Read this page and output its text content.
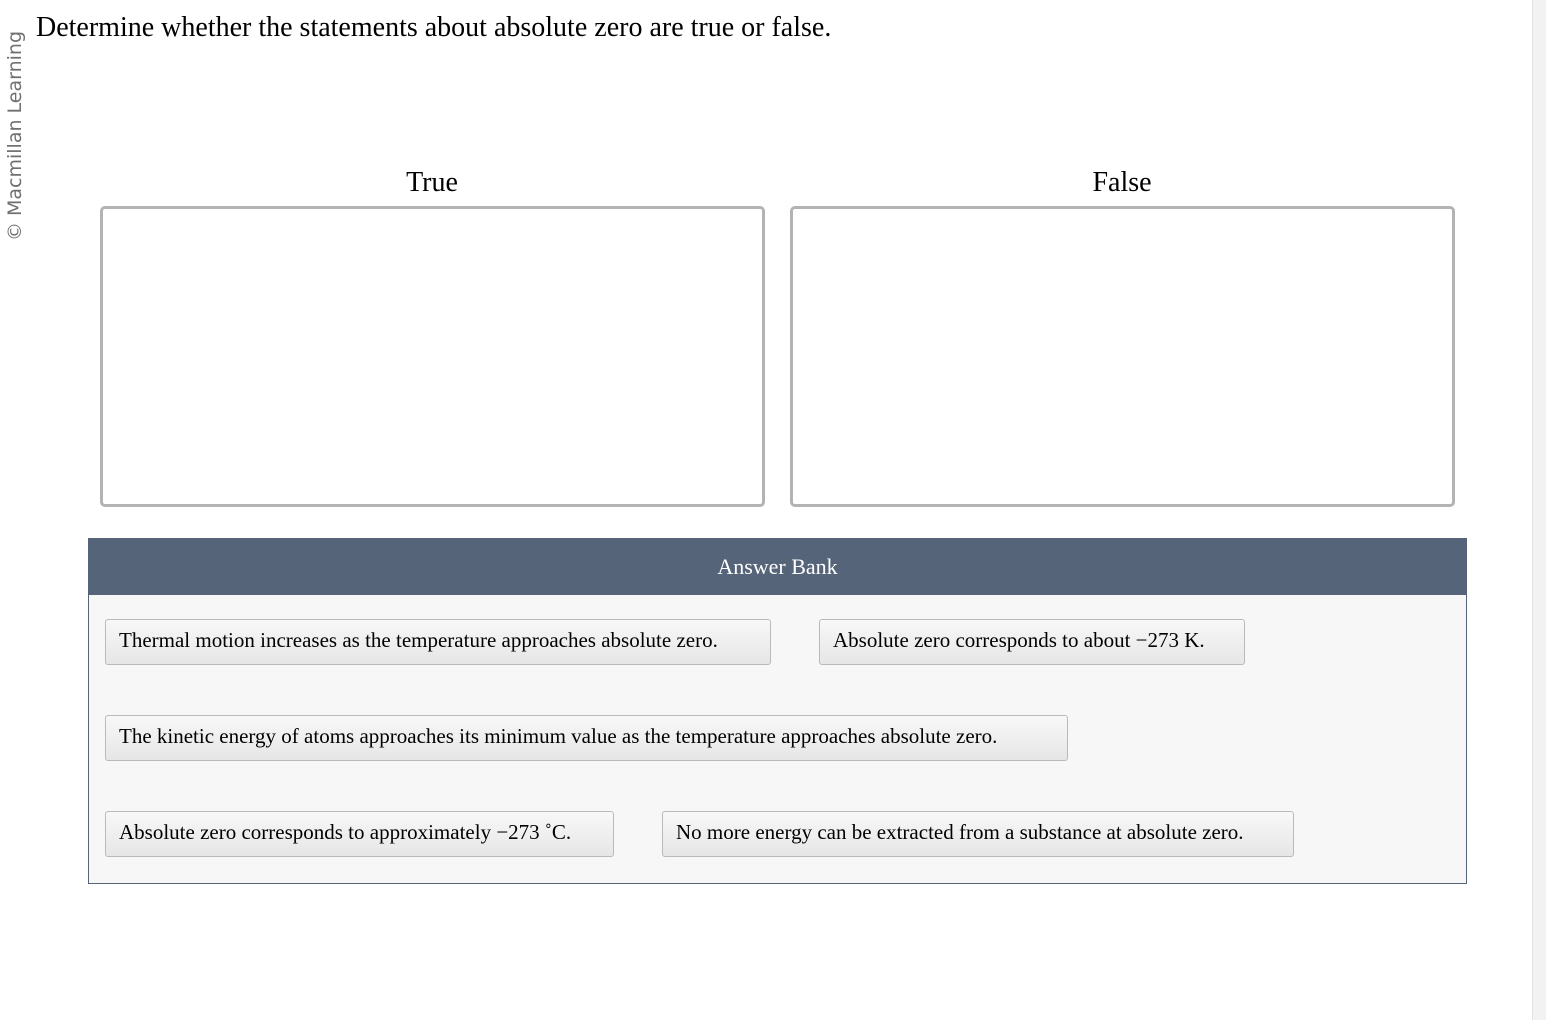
© Macmillan Learning
Determine whether the statements about absolute zero are true or false.
True	False
Answer Bank
Thermal motion increases as the temperature approaches absolute zero.	Absolute zero corresponds to about −273 K.
The kinetic energy of atoms approaches its minimum value as the temperature approaches absolute zero.
Absolute zero corresponds to approximately −273 ˚C.	No more energy can be extracted from a substance at absolute zero.
